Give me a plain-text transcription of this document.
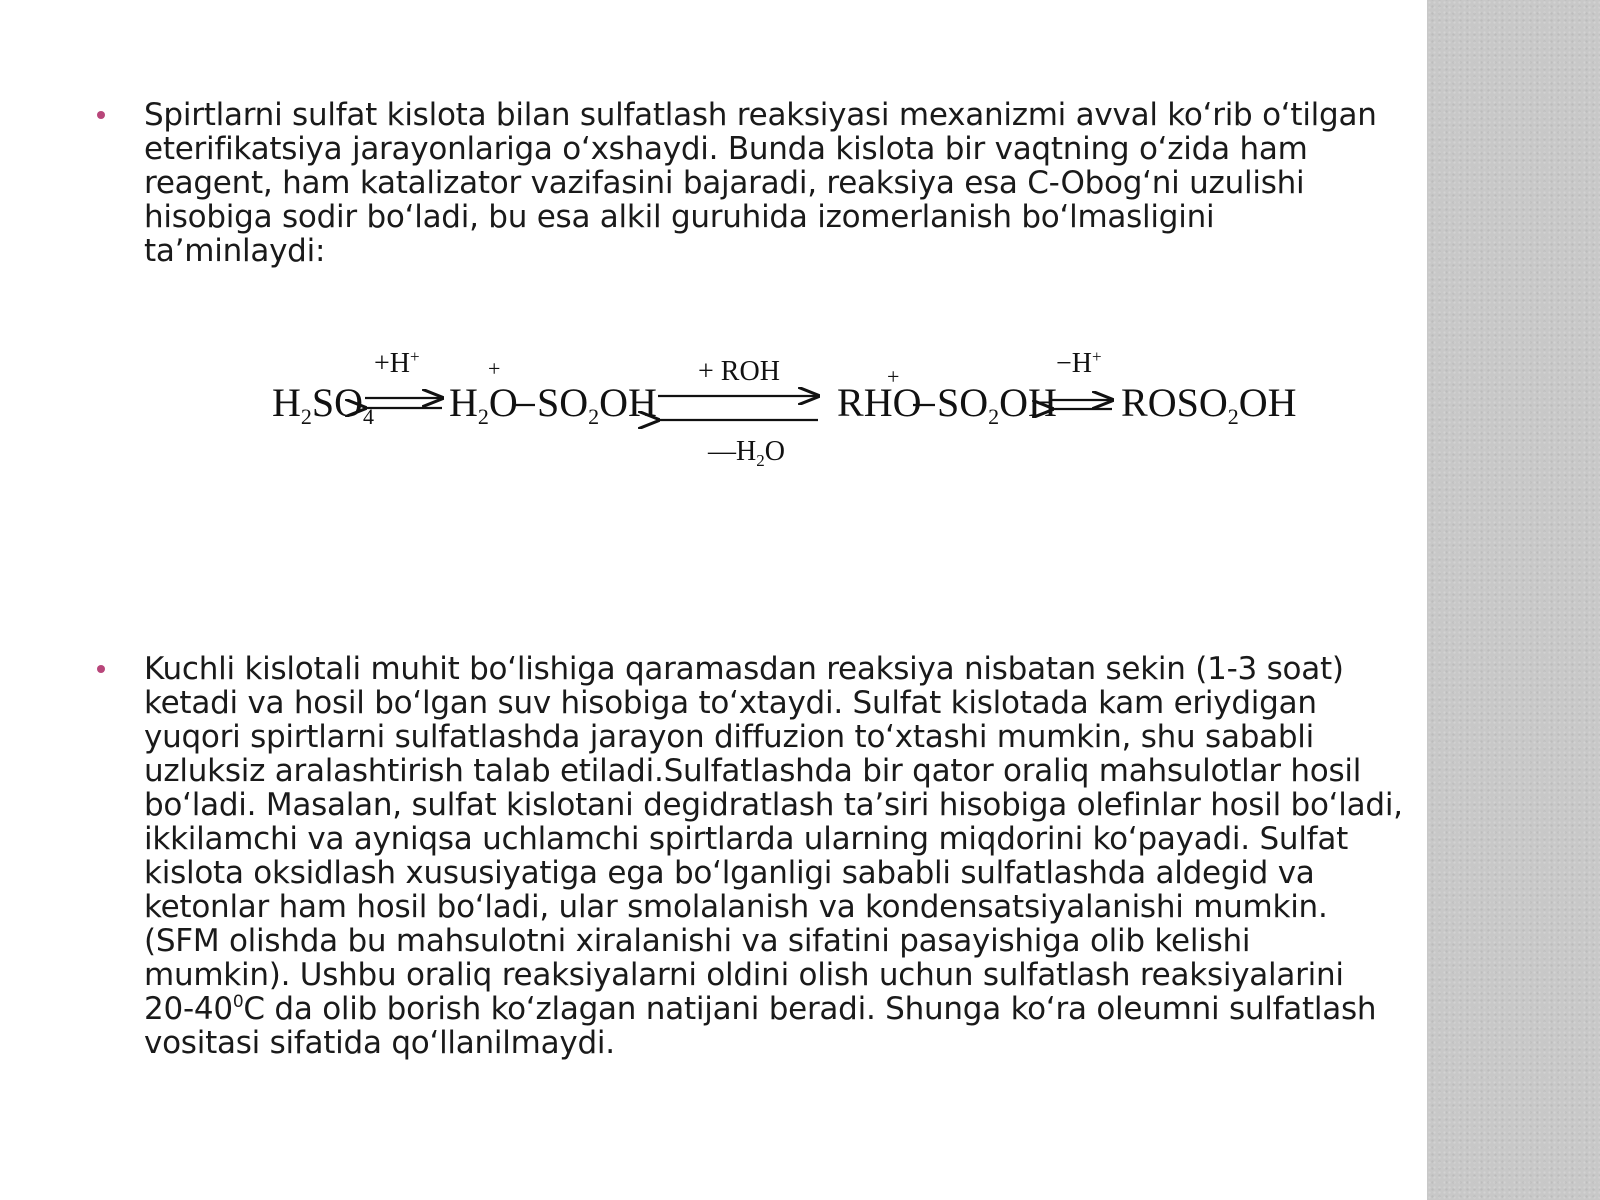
Spirtlarni sulfat kislota bilan sulfatlash reaksiyasi mexanizmi avval ko‘rib o‘tilgan
eterifikatsiya jarayonlariga o‘xshaydi. Bunda kislota bir vaqtning o‘zida ham
reagent, ham katalizator vazifasini bajaradi, reaksiya esa C-Obog‘ni uzulishi
hisobiga sodir bo‘ladi, bu esa alkil guruhida izomerlanish bo‘lmasligini
ta’minlaydi:
$H_2SO_4$
+H+
$H_2O$
+
$SO_2OH$
+ ROH
$—H_2O$
RHO
+
$SO_2OH$
−H+
$ROSO_2OH$
Kuchli kislotali muhit bo‘lishiga qaramasdan reaksiya nisbatan sekin (1-3 soat)
ketadi va hosil bo‘lgan suv hisobiga to‘xtaydi. Sulfat kislotada kam eriydigan
yuqori spirtlarni sulfatlashda jarayon diffuzion to‘xtashi mumkin, shu sababli
uzluksiz aralashtirish talab etiladi.Sulfatlashda bir qator oraliq mahsulotlar hosil
bo‘ladi. Masalan, sulfat kislotani degidratlash ta’siri hisobiga olefinlar hosil bo‘ladi,
ikkilamchi va ayniqsa uchlamchi spirtlarda ularning miqdorini ko‘payadi. Sulfat
kislota oksidlash xususiyatiga ega bo‘lganligi sababli sulfatlashda aldegid va
ketonlar ham hosil bo‘ladi, ular smolalanish va kondensatsiyalanishi mumkin.
(SFM olishda bu mahsulotni xiralanishi va sifatini pasayishiga olib kelishi
mumkin). Ushbu oraliq reaksiyalarni oldini olish uchun sulfatlash reaksiyalarini
$20-40^0C$ da olib borish ko‘zlagan natijani beradi. Shunga ko‘ra oleumni sulfatlash
vositasi sifatida qo‘llanilmaydi.
